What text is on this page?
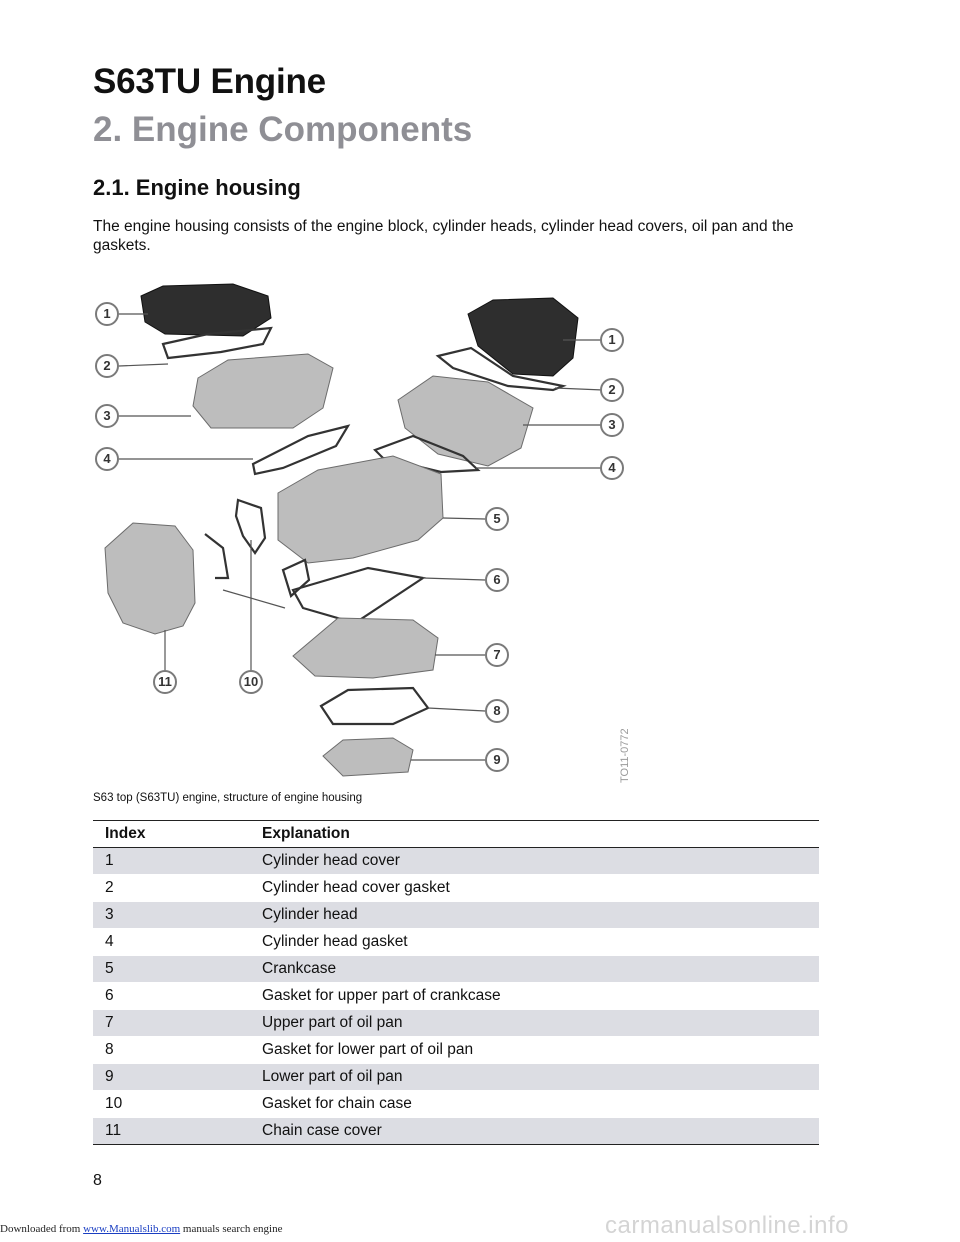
S63TU Engine
2. Engine Components
2.1. Engine housing

The engine housing consists of the engine block, cylinder heads, cylinder head covers, oil pan and the gaskets.

1
2
3
4
1
2
3
4
5
6
7
8
9
10
11
TO11-0772

S63 top (S63TU) engine, structure of engine housing

Index	Explanation
1	Cylinder head cover
2	Cylinder head cover gasket
3	Cylinder head
4	Cylinder head gasket
5	Crankcase
6	Gasket for upper part of crankcase
7	Upper part of oil pan
8	Gasket for lower part of oil pan
9	Lower part of oil pan
10	Gasket for chain case
11	Chain case cover

8

Downloaded from www.Manualslib.com manuals search engine	carmanualsonline.info
